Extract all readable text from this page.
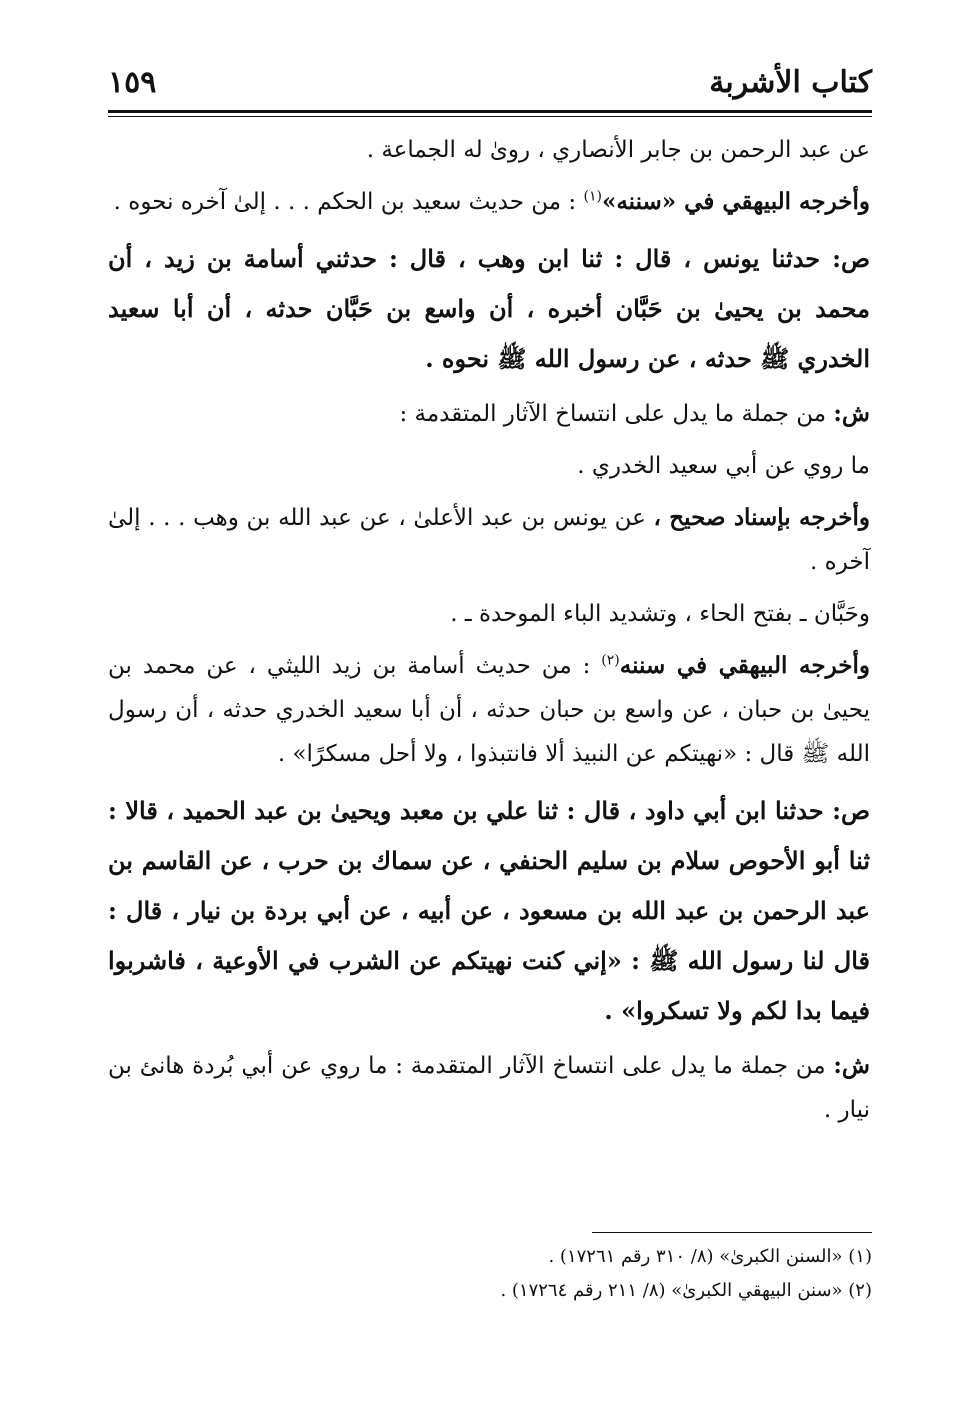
كتاب الأشربة
١٥٩

عن عبد الرحمن بن جابر الأنصاري ، روىٰ له الجماعة .

وأخرجه البيهقي في «سننه»$^{(١)}$ : من حديث سعيد بن الحكم . . . إلىٰ آخره نحوه .

ص: حدثنا يونس ، قال : ثنا ابن وهب ، قال : حدثني أسامة بن زيد ، أن محمد بن يحيىٰ بن حَبَّان أخبره ، أن واسع بن حَبَّان حدثه ، أن أبا سعيد الخدري ﷺ حدثه ، عن رسول الله ﷺ نحوه .

ش: من جملة ما يدل على انتساخ الآثار المتقدمة :

ما روي عن أبي سعيد الخدري .

وأخرجه بإسناد صحيح ، عن يونس بن عبد الأعلىٰ ، عن عبد الله بن وهب . . . إلىٰ آخره .

وحَبَّان ـ بفتح الحاء ، وتشديد الباء الموحدة ـ .

وأخرجه البيهقي في سننه$^{(٢)}$ : من حديث أسامة بن زيد الليثي ، عن محمد بن يحيىٰ بن حبان ، عن واسع بن حبان حدثه ، أن أبا سعيد الخدري حدثه ، أن رسول الله ﷺ قال : «نهيتكم عن النبيذ ألا فانتبذوا ، ولا أحل مسكرًا» .

ص: حدثنا ابن أبي داود ، قال : ثنا علي بن معبد ويحيىٰ بن عبد الحميد ، قالا : ثنا أبو الأحوص سلام بن سليم الحنفي ، عن سماك بن حرب ، عن القاسم بن عبد الرحمن بن عبد الله بن مسعود ، عن أبيه ، عن أبي بردة بن نيار ، قال : قال لنا رسول الله ﷺ : «إني كنت نهيتكم عن الشرب في الأوعية ، فاشربوا فيما بدا لكم ولا تسكروا» .

ش: من جملة ما يدل على انتساخ الآثار المتقدمة : ما روي عن أبي بُردة هانئ بن نيار .

(١) «السنن الكبرىٰ» (٨/ ٣١٠ رقم ١٧٢٦١) .
(٢) «سنن البيهقي الكبرىٰ» (٨/ ٢١١ رقم ١٧٢٦٤) .
